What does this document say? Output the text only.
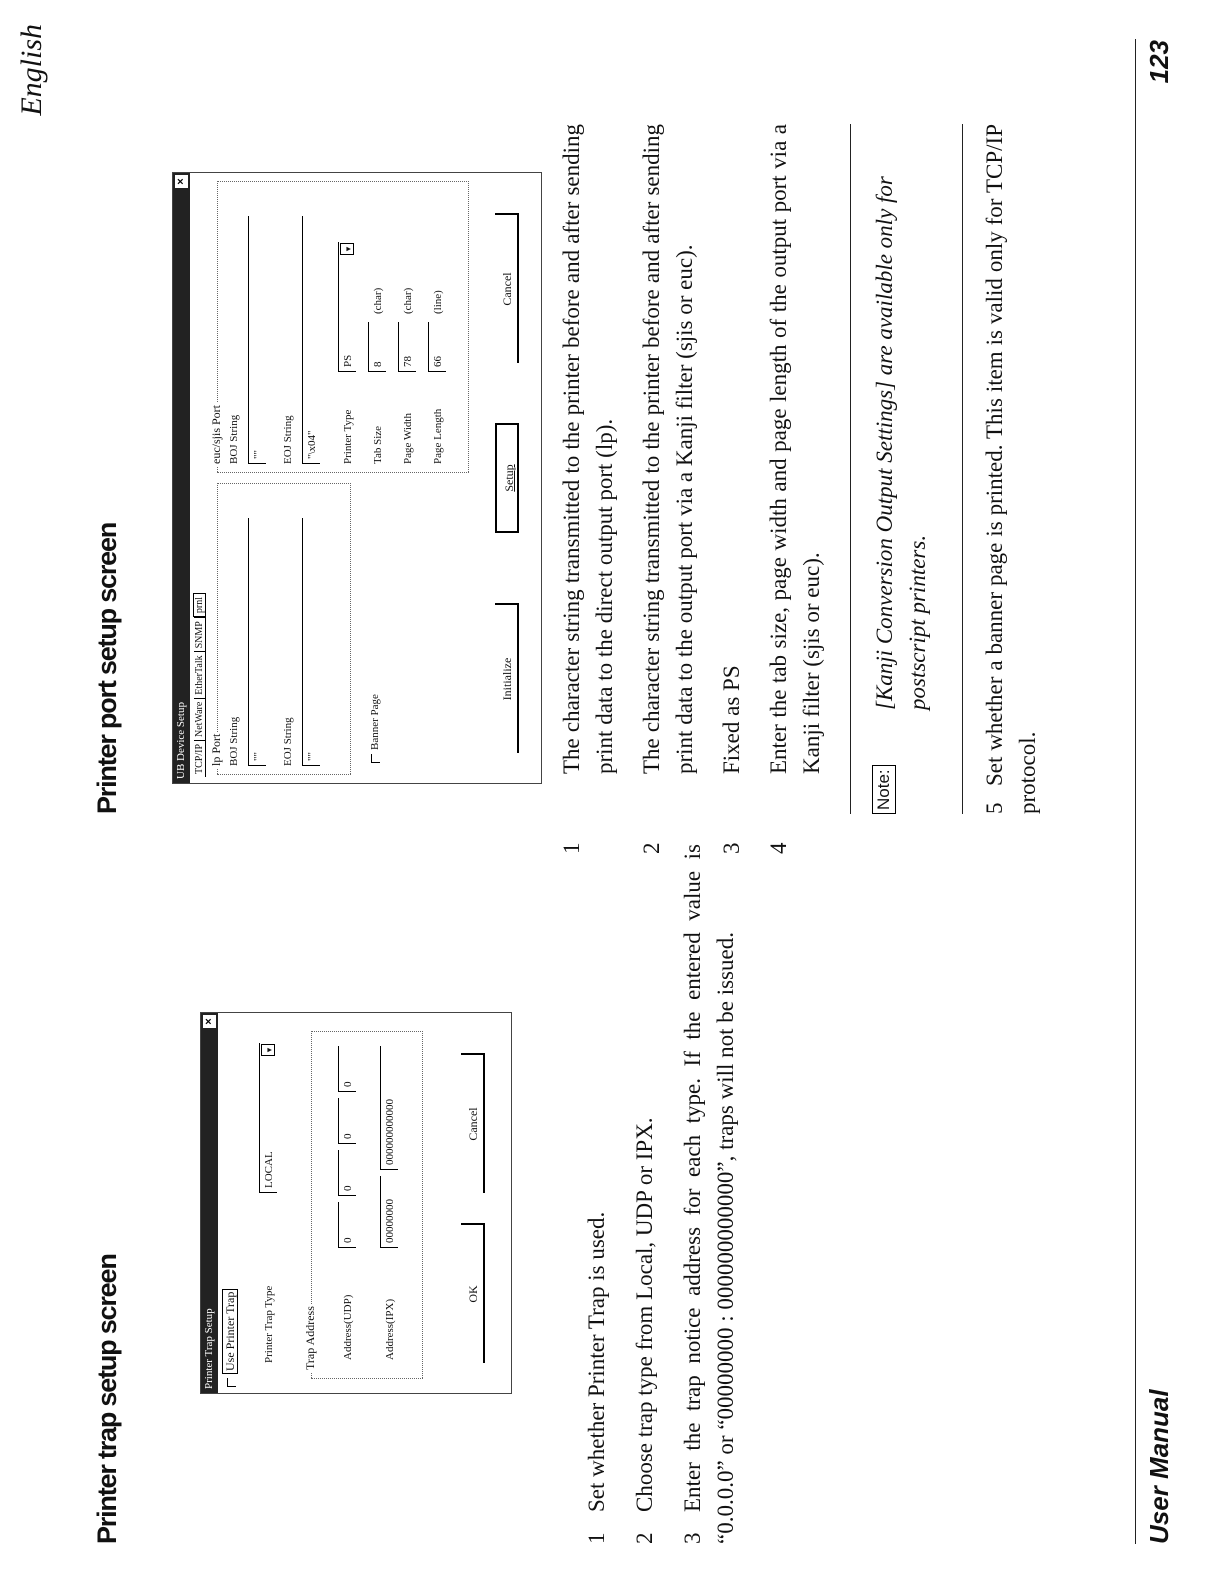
English
Printer trap setup screen	Printer Trap Setup
×
Use Printer Trap Printer Trap Type
LOCAL
▾
Trap Address Address(UDP)
0
0
0
0
Address(IPX)
00000000
000000000000
OK
Cancel
1Set whether Printer Trap is used.
2Choose trap type from Local, UDP or IPX.
3Enter the trap notice address for each type. If the entered value is “0.0.0.0” or “00000000 : 000000000000”, traps will not be issued.
Printer port setup screen	UB Device Setup
×
TCP/IPNetWareEtherTalkSNMPprnl
lp Port BOJ String	"" EOJ String	""
euc/sjis Port BOJ String	"" EOJ String	"\x04" Printer Type
PS
▾
Tab Size
8
(char)
Page Width
78
(char)
Page Length
66
(line)
Banner Page
Initialize
Setup
Cancel
1The character string transmitted to the printer before and after sending print data to the direct output port (lp).
2The character string transmitted to the printer before and after sending print data to the output port via a Kanji filter (sjis or euc).
3Fixed as PS
4Enter the tab size, page width and page length of the output port via a Kanji filter (sjis or euc).
Note:
[Kanji Conversion Output Settings] are available only for postscript printers.
5Set whether a banner page is printed. This item is valid only for TCP/IP protocol.
User Manual
123
